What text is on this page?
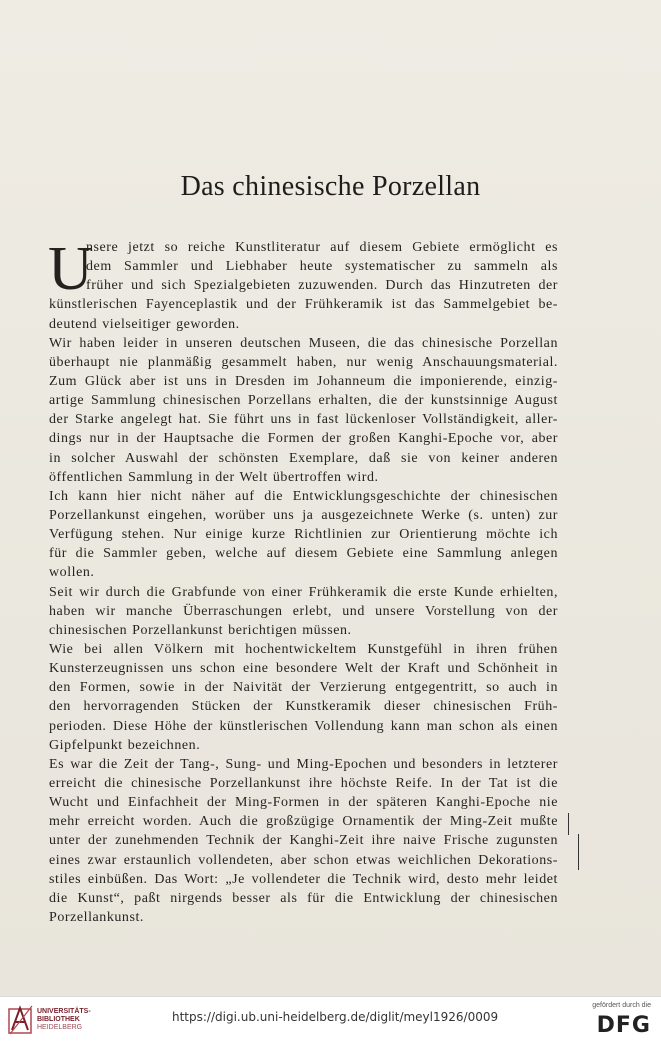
Das chinesische Porzellan
U
nsere jetzt so reiche Kunstliteratur auf diesem Gebiete ermöglicht es
dem Sammler und Liebhaber heute systematischer zu sammeln als
früher und sich Spezialgebieten zuzuwenden. Durch das Hinzutreten der
künstlerischen Fayenceplastik und der Frühkeramik ist das Sammelgebiet be-
deutend vielseitiger geworden.
Wir haben leider in unseren deutschen Museen, die das chinesische Porzellan
überhaupt nie planmäßig gesammelt haben, nur wenig Anschauungsmaterial.
Zum Glück aber ist uns in Dresden im Johanneum die imponierende, einzig-
artige Sammlung chinesischen Porzellans erhalten, die der kunstsinnige August
der Starke angelegt hat. Sie führt uns in fast lückenloser Vollständigkeit, aller-
dings nur in der Hauptsache die Formen der großen Kanghi-Epoche vor, aber
in solcher Auswahl der schönsten Exemplare, daß sie von keiner anderen
öffentlichen Sammlung in der Welt übertroffen wird.
Ich kann hier nicht näher auf die Entwicklungsgeschichte der chinesischen
Porzellankunst eingehen, worüber uns ja ausgezeichnete Werke (s. unten) zur
Verfügung stehen. Nur einige kurze Richtlinien zur Orientierung möchte ich
für die Sammler geben, welche auf diesem Gebiete eine Sammlung anlegen
wollen.
Seit wir durch die Grabfunde von einer Frühkeramik die erste Kunde erhielten,
haben wir manche Überraschungen erlebt, und unsere Vorstellung von der
chinesischen Porzellankunst berichtigen müssen.
Wie bei allen Völkern mit hochentwickeltem Kunstgefühl in ihren frühen
Kunsterzeugnissen uns schon eine besondere Welt der Kraft und Schönheit in
den Formen, sowie in der Naivität der Verzierung entgegentritt, so auch in
den hervorragenden Stücken der Kunstkeramik dieser chinesischen Früh-
perioden. Diese Höhe der künstlerischen Vollendung kann man schon als einen
Gipfelpunkt bezeichnen.
Es war die Zeit der Tang-, Sung- und Ming-Epochen und besonders in letzterer
erreicht die chinesische Porzellankunst ihre höchste Reife. In der Tat ist die
Wucht und Einfachheit der Ming-Formen in der späteren Kanghi-Epoche nie
mehr erreicht worden. Auch die großzügige Ornamentik der Ming-Zeit mußte
unter der zunehmenden Technik der Kanghi-Zeit ihre naive Frische zugunsten
eines zwar erstaunlich vollendeten, aber schon etwas weichlichen Dekorations-
stiles einbüßen. Das Wort: „Je vollendeter die Technik wird, desto mehr leidet
die Kunst“, paßt nirgends besser als für die Entwicklung der chinesischen
Porzellankunst.
UNIVERSITÄTS-
BIBLIOTHEK
HEIDELBERG
https://digi.ub.uni-heidelberg.de/diglit/meyl1926/0009
gefördert durch die
DFG
